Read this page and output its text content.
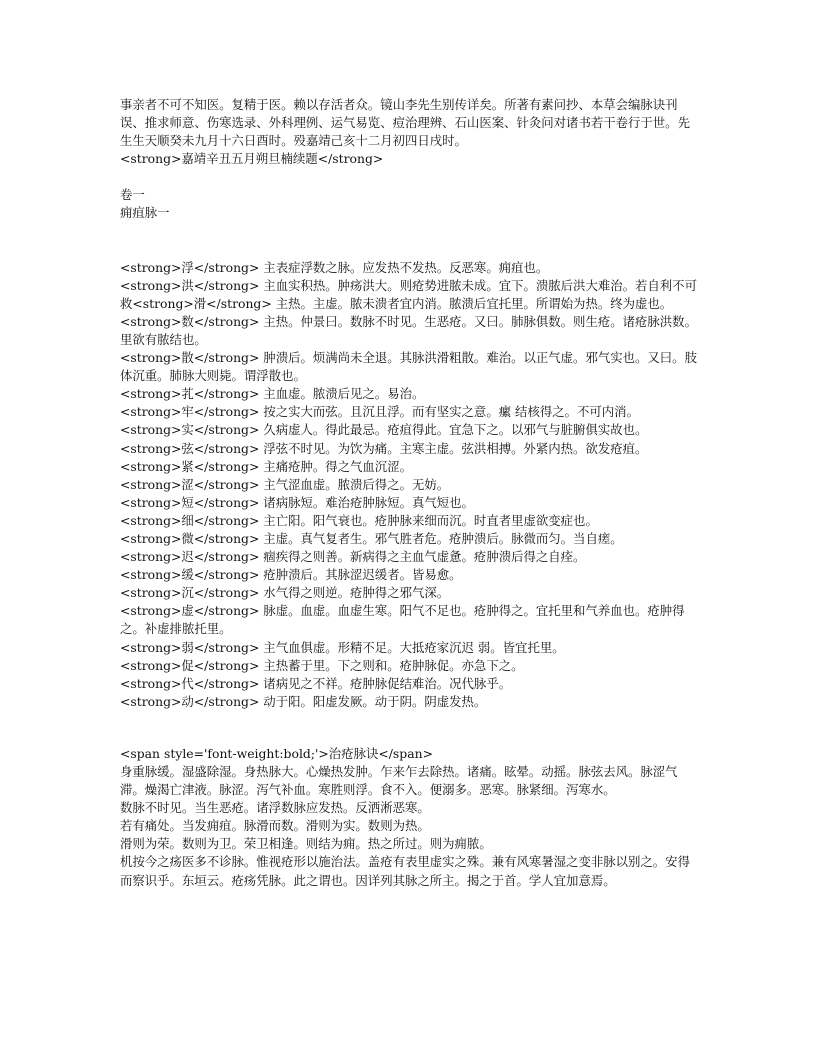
事亲者不可不知医。复精于医。赖以存活者众。镜山李先生别传详矣。所著有素问抄、本草会编脉诀刊误、推求师意、伤寒选录、外科理例、运气易览、痘治理辨、石山医案、针灸问对诸书若干卷行于世。先生生天顺癸未九月十六日酉时。殁嘉靖己亥十二月初四日戌时。

<strong>嘉靖辛丑五月朔旦楠续题</strong>

卷一

痈疽脉一

<strong>浮</strong> 主表症浮数之脉。应发热不发热。反恶寒。痈疽也。

<strong>洪</strong> 主血实积热。肿疡洪大。则疮势进脓未成。宜下。溃脓后洪大难治。若自利不可救<strong>滑</strong> 主热。主虚。脓未溃者宜内消。脓溃后宜托里。所谓始为热。终为虚也。

<strong>数</strong> 主热。仲景曰。数脉不时见。生恶疮。又曰。肺脉俱数。则生疮。诸疮脉洪数。里欲有脓结也。

<strong>散</strong> 肿溃后。烦满尚未全退。其脉洪滑粗散。难治。以正气虚。邪气实也。又曰。肢体沉重。肺脉大则毙。谓浮散也。

<strong>芤</strong> 主血虚。脓溃后见之。易治。

<strong>牢</strong> 按之实大而弦。且沉且浮。而有坚实之意。瘰 结核得之。不可内消。

<strong>实</strong> 久病虚人。得此最忌。疮疽得此。宜急下之。以邪气与脏腑俱实故也。

<strong>弦</strong> 浮弦不时见。为饮为痛。主寒主虚。弦洪相搏。外紧内热。欲发疮疽。

<strong>紧</strong> 主痛疮肿。得之气血沉涩。

<strong>涩</strong> 主气涩血虚。脓溃后得之。无妨。

<strong>短</strong> 诸病脉短。难治疮肿脉短。真气短也。

<strong>细</strong> 主亡阳。阳气衰也。疮肿脉来细而沉。时直者里虚欲变症也。

<strong>微</strong> 主虚。真气复者生。邪气胜者危。疮肿溃后。脉微而匀。当自瘥。

<strong>迟</strong> 痼疾得之则善。新病得之主血气虚惫。疮肿溃后得之自痊。

<strong>缓</strong> 疮肿溃后。其脉涩迟缓者。皆易愈。

<strong>沉</strong> 水气得之则逆。疮肿得之邪气深。

<strong>虚</strong> 脉虚。血虚。血虚生寒。阳气不足也。疮肿得之。宜托里和气养血也。疮肿得之。补虚排脓托里。

<strong>弱</strong> 主气血俱虚。形精不足。大抵疮家沉迟 弱。皆宜托里。

<strong>促</strong> 主热蓄于里。下之则和。疮肿脉促。亦急下之。

<strong>代</strong> 诸病见之不祥。疮肿脉促结难治。况代脉乎。

<strong>动</strong> 动于阳。阳虚发厥。动于阴。阴虚发热。

<span style='font-weight:bold;'>治疮脉诀</span>

身重脉缓。湿盛除湿。身热脉大。心燥热发肿。乍来乍去除热。诸痛。眩晕。动摇。脉弦去风。脉涩气滞。燥渴亡津液。脉涩。泻气补血。寒胜则浮。食不入。便溺多。恶寒。脉紧细。泻寒水。

数脉不时见。当生恶疮。诸浮数脉应发热。反洒淅恶寒。

若有痛处。当发痈疽。脉滑而数。滑则为实。数则为热。

滑则为荣。数则为卫。荣卫相逢。则结为痈。热之所过。则为痈脓。

机按今之疡医多不诊脉。惟视疮形以施治法。盖疮有表里虚实之殊。兼有风寒暑湿之变非脉以别之。安得而察识乎。东垣云。疮疡凭脉。此之谓也。因详列其脉之所主。揭之于首。学人宜加意焉。
